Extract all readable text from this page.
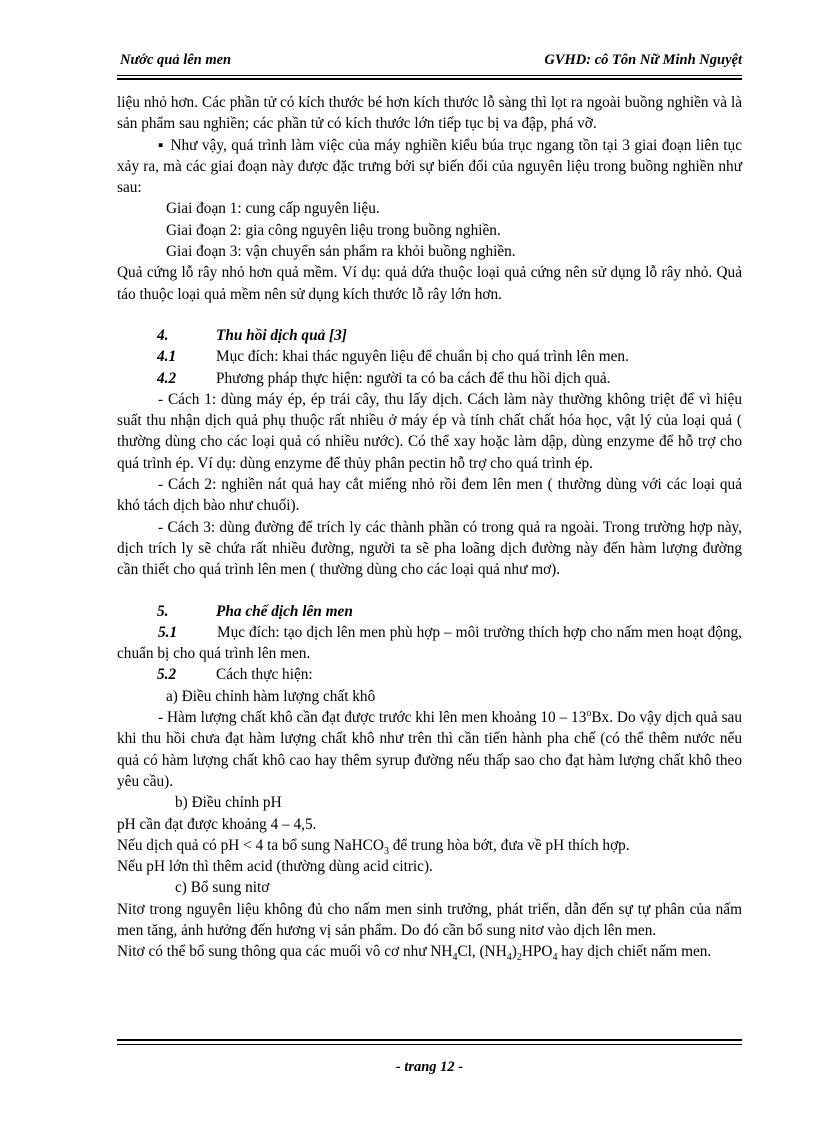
Nước quả lên men	GVHD: cô Tôn Nữ Minh Nguyệt

liệu nhỏ hơn. Các phần tử có kích thước bé hơn kích thước lỗ sàng thì lọt ra ngoài buồng nghiền và là sản phẩm sau nghiền; các phần tử có kích thước lớn tiếp tục bị va đập, phá vỡ.

▪ Như vậy, quá trình làm việc của máy nghiền kiểu búa trục ngang tồn tại 3 giai đoạn liên tục xảy ra, mà các giai đoạn này được đặc trưng bởi sự biến đổi của nguyên liệu trong buồng nghiền như sau:

Giai đoạn 1: cung cấp nguyên liệu.

Giai đoạn 2: gia công nguyên liệu trong buồng nghiền.

Giai đoạn 3: vận chuyển sản phẩm ra khỏi buồng nghiền.

Quả cứng lỗ rây nhỏ hơn quả mềm. Ví dụ: quả dứa thuộc loại quả cứng nên sử dụng lỗ rây nhỏ. Quả táo thuộc loại quả mềm nên sử dụng kích thước lỗ rây lớn hơn.

4.	Thu hồi dịch quả [3]
4.1	Mục đích: khai thác nguyên liệu để chuẩn bị cho quá trình lên men.
4.2	Phương pháp thực hiện: người ta có ba cách để thu hồi dịch quả.

- Cách 1: dùng máy ép, ép trái cây, thu lấy dịch. Cách làm này thường không triệt để vì hiệu suất thu nhận dịch quả phụ thuộc rất nhiều ở máy ép và tính chất chất hóa học, vật lý của loại quả ( thường dùng cho các loại quả có nhiều nước). Có thể xay hoặc làm dập, dùng enzyme để hỗ trợ cho quá trình ép. Ví dụ: dùng enzyme để thủy phân pectin hỗ trợ cho quá trình ép.

- Cách 2: nghiền nát quả hay cắt miếng nhỏ rồi đem lên men ( thường dùng với các loại quả khó tách dịch bào như chuối).

- Cách 3: dùng đường để trích ly các thành phần có trong quả ra ngoài. Trong trường hợp này, dịch trích ly sẽ chứa rất nhiều đường, người ta sẽ pha loãng dịch đường này đến hàm lượng đường cần thiết cho quá trình lên men ( thường dùng cho các loại quả như mơ).

5.	Pha chế dịch lên men

5.1	Mục đích: tạo dịch lên men phù hợp – môi trường thích hợp cho nấm men hoạt động, chuẩn bị cho quá trình lên men.

5.2	Cách thực hiện:

a) Điều chỉnh hàm lượng chất khô

- Hàm lượng chất khô cần đạt được trước khi lên men khoảng 10 – 13$^o$Bx. Do vậy dịch quả sau khi thu hồi chưa đạt hàm lượng chất khô như trên thì cần tiến hành pha chế (có thể thêm nước nếu quả có hàm lượng chất khô cao hay thêm syrup đường nếu thấp sao cho đạt hàm lượng chất khô theo yêu cầu).

b) Điều chỉnh pH

pH cần đạt được khoảng 4 – 4,5.

Nếu dịch quả có pH < 4 ta bổ sung NaHCO$_3$ để trung hòa bớt, đưa về pH thích hợp.

Nếu pH lớn thì thêm acid (thường dùng acid citric).

c) Bổ sung nitơ

Nitơ trong nguyên liệu không đủ cho nấm men sinh trưởng, phát triển, dẫn đến sự tự phân của nấm men tăng, ảnh hưởng đến hương vị sản phẩm. Do đó cần bổ sung nitơ vào dịch lên men.

Nitơ có thể bổ sung thông qua các muối vô cơ như $NH_4Cl$, $(NH_4)_2HPO_4$ hay dịch chiết nấm men.

- trang 12 -
